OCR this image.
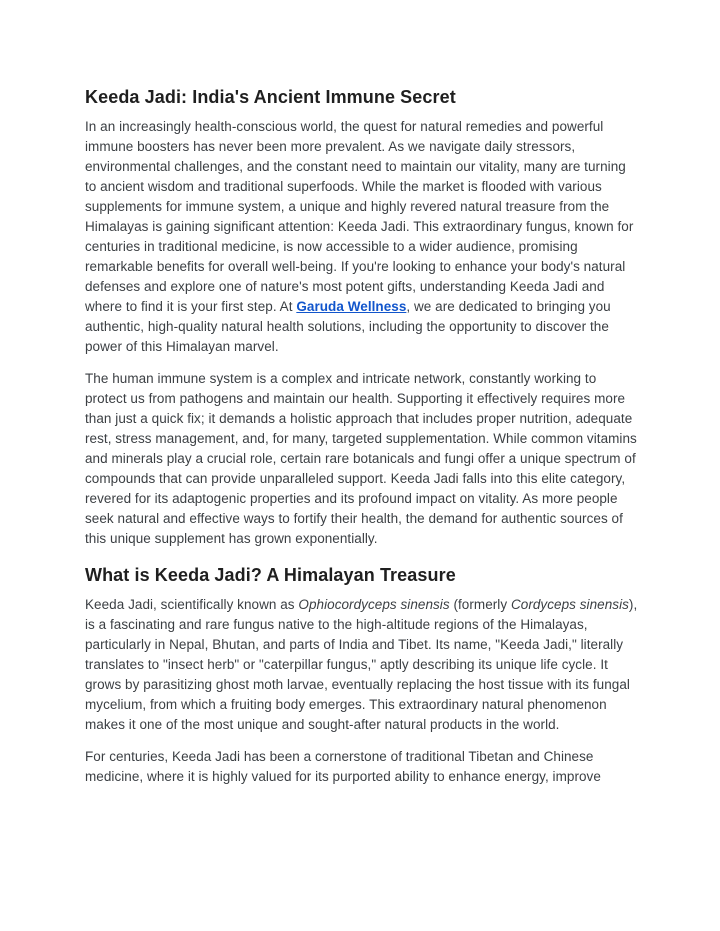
Keeda Jadi: India's Ancient Immune Secret

In an increasingly health-conscious world, the quest for natural remedies and powerful immune boosters has never been more prevalent. As we navigate daily stressors, environmental challenges, and the constant need to maintain our vitality, many are turning to ancient wisdom and traditional superfoods. While the market is flooded with various supplements for immune system, a unique and highly revered natural treasure from the Himalayas is gaining significant attention: Keeda Jadi. This extraordinary fungus, known for centuries in traditional medicine, is now accessible to a wider audience, promising remarkable benefits for overall well-being. If you're looking to enhance your body's natural defenses and explore one of nature's most potent gifts, understanding Keeda Jadi and where to find it is your first step. At Garuda Wellness, we are dedicated to bringing you authentic, high-quality natural health solutions, including the opportunity to discover the power of this Himalayan marvel.

The human immune system is a complex and intricate network, constantly working to protect us from pathogens and maintain our health. Supporting it effectively requires more than just a quick fix; it demands a holistic approach that includes proper nutrition, adequate rest, stress management, and, for many, targeted supplementation. While common vitamins and minerals play a crucial role, certain rare botanicals and fungi offer a unique spectrum of compounds that can provide unparalleled support. Keeda Jadi falls into this elite category, revered for its adaptogenic properties and its profound impact on vitality. As more people seek natural and effective ways to fortify their health, the demand for authentic sources of this unique supplement has grown exponentially.

What is Keeda Jadi? A Himalayan Treasure

Keeda Jadi, scientifically known as Ophiocordyceps sinensis (formerly Cordyceps sinensis), is a fascinating and rare fungus native to the high-altitude regions of the Himalayas, particularly in Nepal, Bhutan, and parts of India and Tibet. Its name, "Keeda Jadi," literally translates to "insect herb" or "caterpillar fungus," aptly describing its unique life cycle. It grows by parasitizing ghost moth larvae, eventually replacing the host tissue with its fungal mycelium, from which a fruiting body emerges. This extraordinary natural phenomenon makes it one of the most unique and sought-after natural products in the world.

For centuries, Keeda Jadi has been a cornerstone of traditional Tibetan and Chinese medicine, where it is highly valued for its purported ability to enhance energy, improve
